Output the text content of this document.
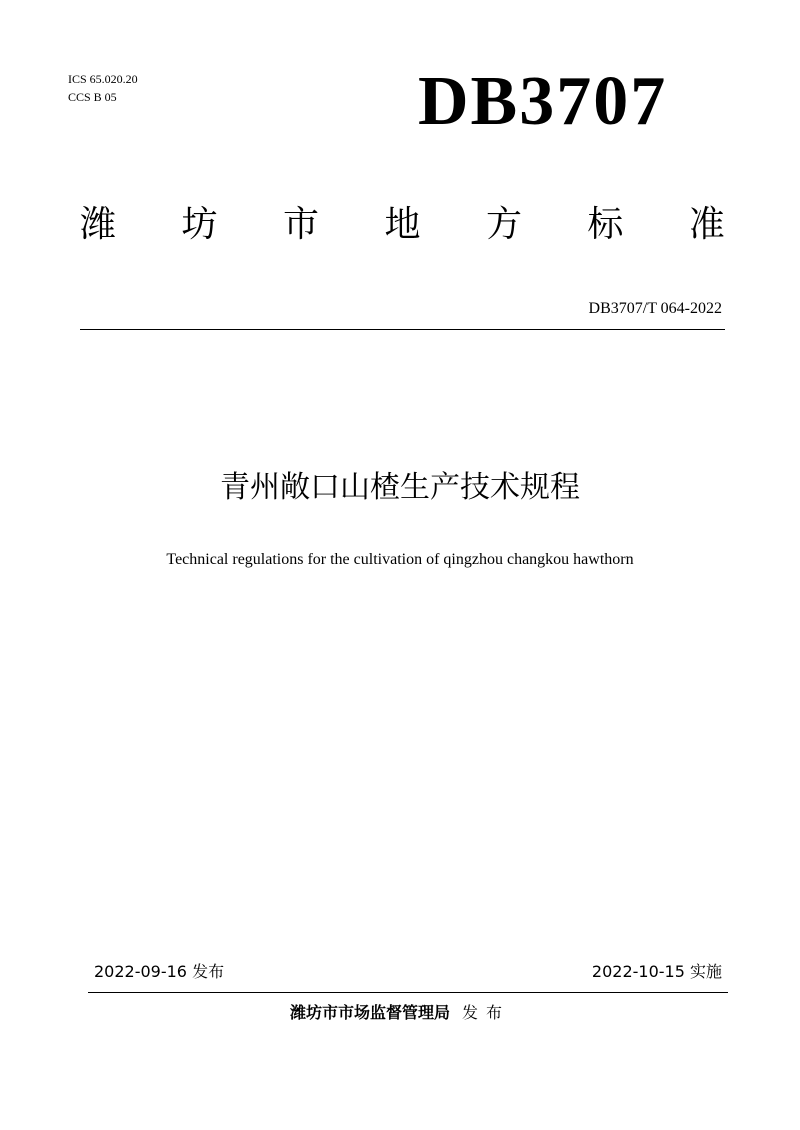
ICS 65.020.20
CCS B 05	DB3707
潍 坊 市 地 方 标 准
DB3707/T 064-2022
青州敞口山楂生产技术规程
Technical regulations for the cultivation of qingzhou changkou hawthorn
2022-09-16 发布	2022-10-15 实施
潍坊市市场监督管理局 发布
